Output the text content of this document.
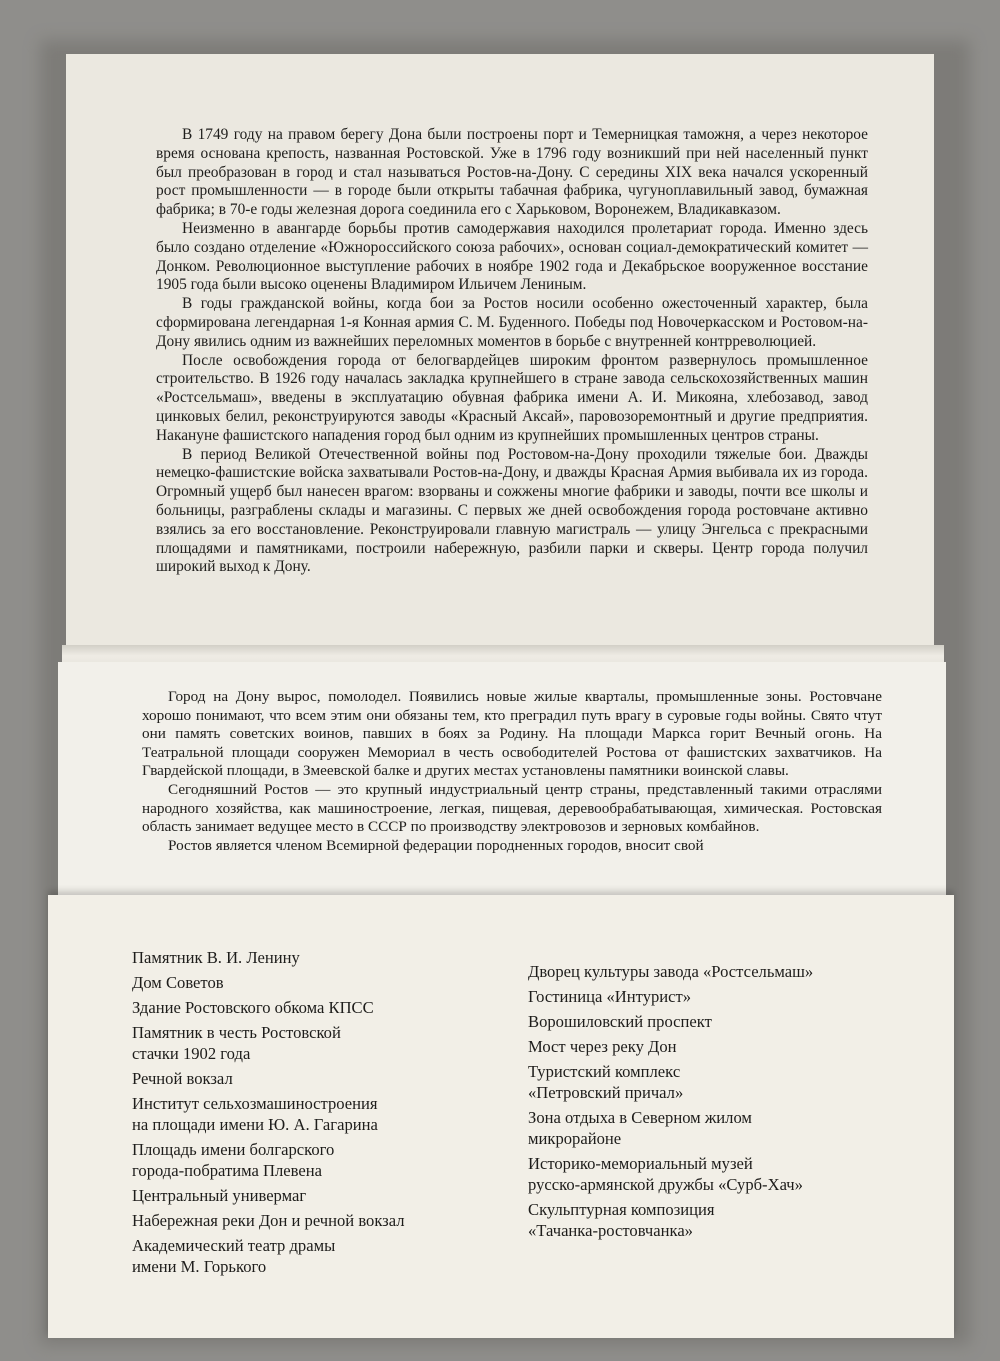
В 1749 году на правом берегу Дона были построены порт и Темерницкая таможня, а через некоторое время основана крепость, названная Ростовской. Уже в 1796 году возникший при ней населенный пункт был преобразован в город и стал называться Ростов-на-Дону. С середины XIX века начался ускоренный рост промышленности — в городе были открыты табачная фабрика, чугуноплавильный завод, бумажная фабрика; в 70-е годы железная дорога соединила его с Харьковом, Воронежем, Владикавказом.

Неизменно в авангарде борьбы против самодержавия находился пролетариат города. Именно здесь было создано отделение «Южнороссийского союза рабочих», основан социал-демократический комитет — Донком. Революционное выступление рабочих в ноябре 1902 года и Декабрьское вооруженное восстание 1905 года были высоко оценены Владимиром Ильичем Лениным.

В годы гражданской войны, когда бои за Ростов носили особенно ожесточенный характер, была сформирована легендарная 1-я Конная армия С. М. Буденного. Победы под Новочеркасском и Ростовом-на-Дону явились одним из важнейших переломных моментов в борьбе с внутренней контрреволюцией.

После освобождения города от белогвардейцев широким фронтом развернулось промышленное строительство. В 1926 году началась закладка крупнейшего в стране завода сельскохозяйственных машин «Ростсельмаш», введены в эксплуатацию обувная фабрика имени А. И. Микояна, хлебозавод, завод цинковых белил, реконструируются заводы «Красный Аксай», паровозоремонтный и другие предприятия. Накануне фашистского нападения город был одним из крупнейших промышленных центров страны.

В период Великой Отечественной войны под Ростовом-на-Дону проходили тяжелые бои. Дважды немецко-фашистские войска захватывали Ростов-на-Дону, и дважды Красная Армия выбивала их из города. Огромный ущерб был нанесен врагом: взорваны и сожжены многие фабрики и заводы, почти все школы и больницы, разграблены склады и магазины. С первых же дней освобождения города ростовчане активно взялись за его восстановление. Реконструировали главную магистраль — улицу Энгельса с прекрасными площадями и памятниками, построили набережную, разбили парки и скверы. Центр города получил широкий выход к Дону.

Город на Дону вырос, помолодел. Появились новые жилые кварталы, промышленные зоны. Ростовчане хорошо понимают, что всем этим они обязаны тем, кто преградил путь врагу в суровые годы войны. Свято чтут они память советских воинов, павших в боях за Родину. На площади Маркса горит Вечный огонь. На Театральной площади сооружен Мемориал в честь освободителей Ростова от фашистских захватчиков. На Гвардейской площади, в Змеевской балке и других местах установлены памятники воинской славы.

Сегодняшний Ростов — это крупный индустриальный центр страны, представленный такими отраслями народного хозяйства, как машиностроение, легкая, пищевая, деревообрабатывающая, химическая. Ростовская область занимает ведущее место в СССР по производству электровозов и зерновых комбайнов.

Ростов является членом Всемирной федерации породненных городов, вносит свой

Памятник В. И. Ленину
Дом Советов
Здание Ростовского обкома КПСС
Памятник в честь Ростовской
стачки 1902 года
Речной вокзал
Институт сельхозмашиностроения
на площади имени Ю. А. Гагарина
Площадь имени болгарского
города-побратима Плевена
Центральный универмаг
Набережная реки Дон и речной вокзал
Академический театр драмы
имени М. Горького
Дворец культуры завода «Ростсельмаш»
Гостиница «Интурист»
Ворошиловский проспект
Мост через реку Дон
Туристский комплекс
«Петровский причал»
Зона отдыха в Северном жилом
микрорайоне
Историко-мемориальный музей
русско-армянской дружбы «Сурб-Хач»
Скульптурная композиция
«Тачанка-ростовчанка»
